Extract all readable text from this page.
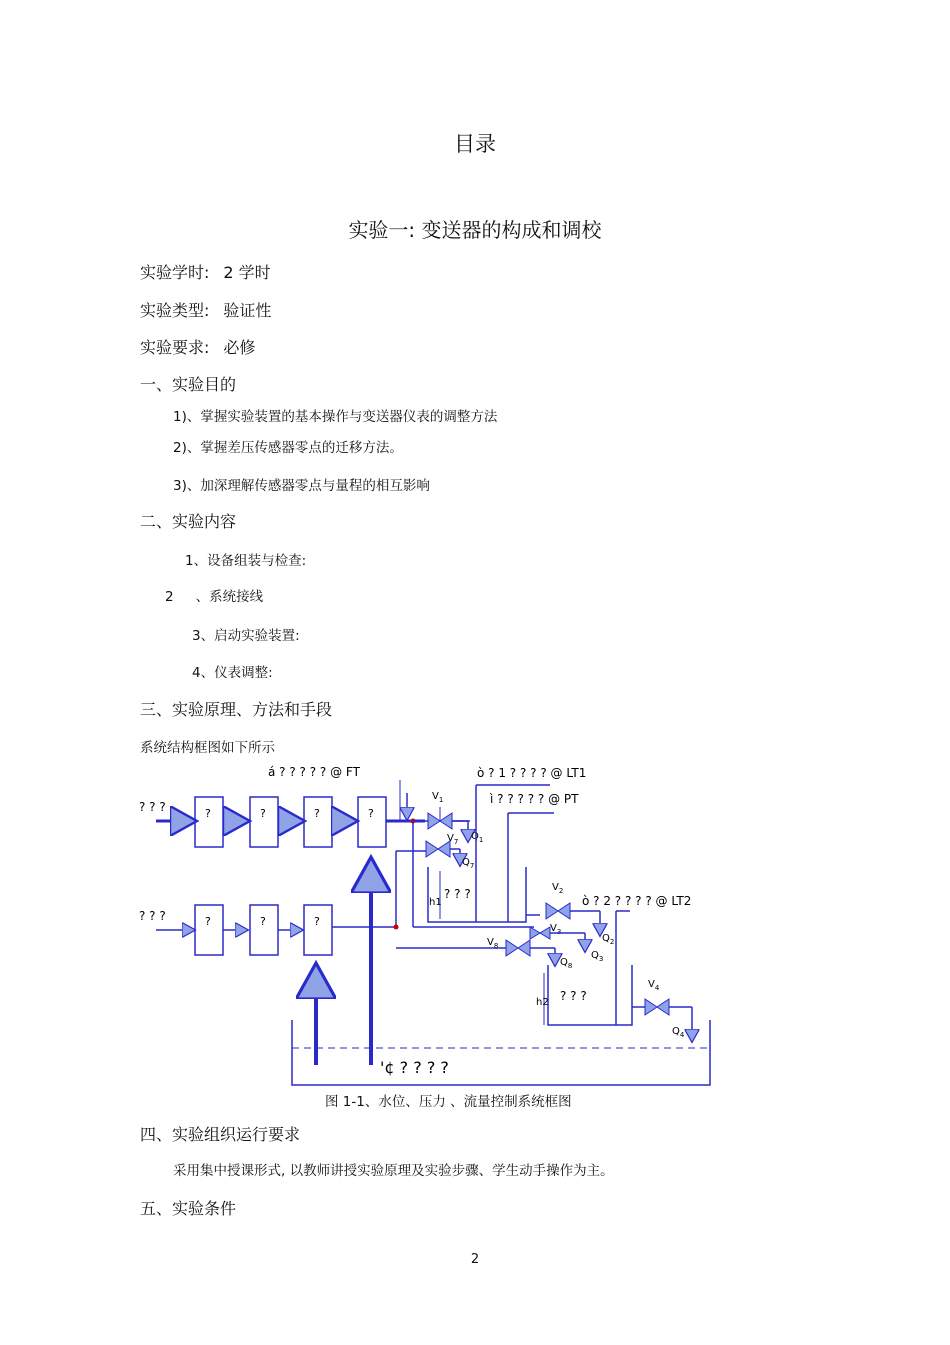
目录
实验一: 变送器的构成和调校
实验学时: 2 学时
实验类型: 验证性
实验要求: 必修
一、实验目的
1)、掌握实验装置的基本操作与变送器仪表的调整方法
2)、掌握差压传感器零点的迁移方法。
3)、加深理解传感器零点与量程的相互影响
二、实验内容
1、设备组装与检查:
2 、系统接线
3、启动实验装置:
4、仪表调整:
三、实验原理、方法和手段
系统结构框图如下所示
á ? ? ? ? ? @ FT	ò ? 1 ? ? ? ? @ LT1
ì ? ? ? ? ? @ PT
? ? ?	?	?	?	?
$V_1$
$Q_1$
$V_7$
$Q_7$
? ? ?
h1
$V_2$
$Q_2$
ò ? 2 ? ? ? ? @ LT2
? ? ?	?	?	?
$V_3$
$Q_3$
$V_8$
$Q_8$
? ? ?
h2
$V_4$
$Q_4$
'¢ ? ? ? ?
图 1-1、水位、压力 、流量控制系统框图
四、实验组织运行要求
采用集中授课形式, 以教师讲授实验原理及实验步骤、学生动手操作为主。
五、实验条件
2
